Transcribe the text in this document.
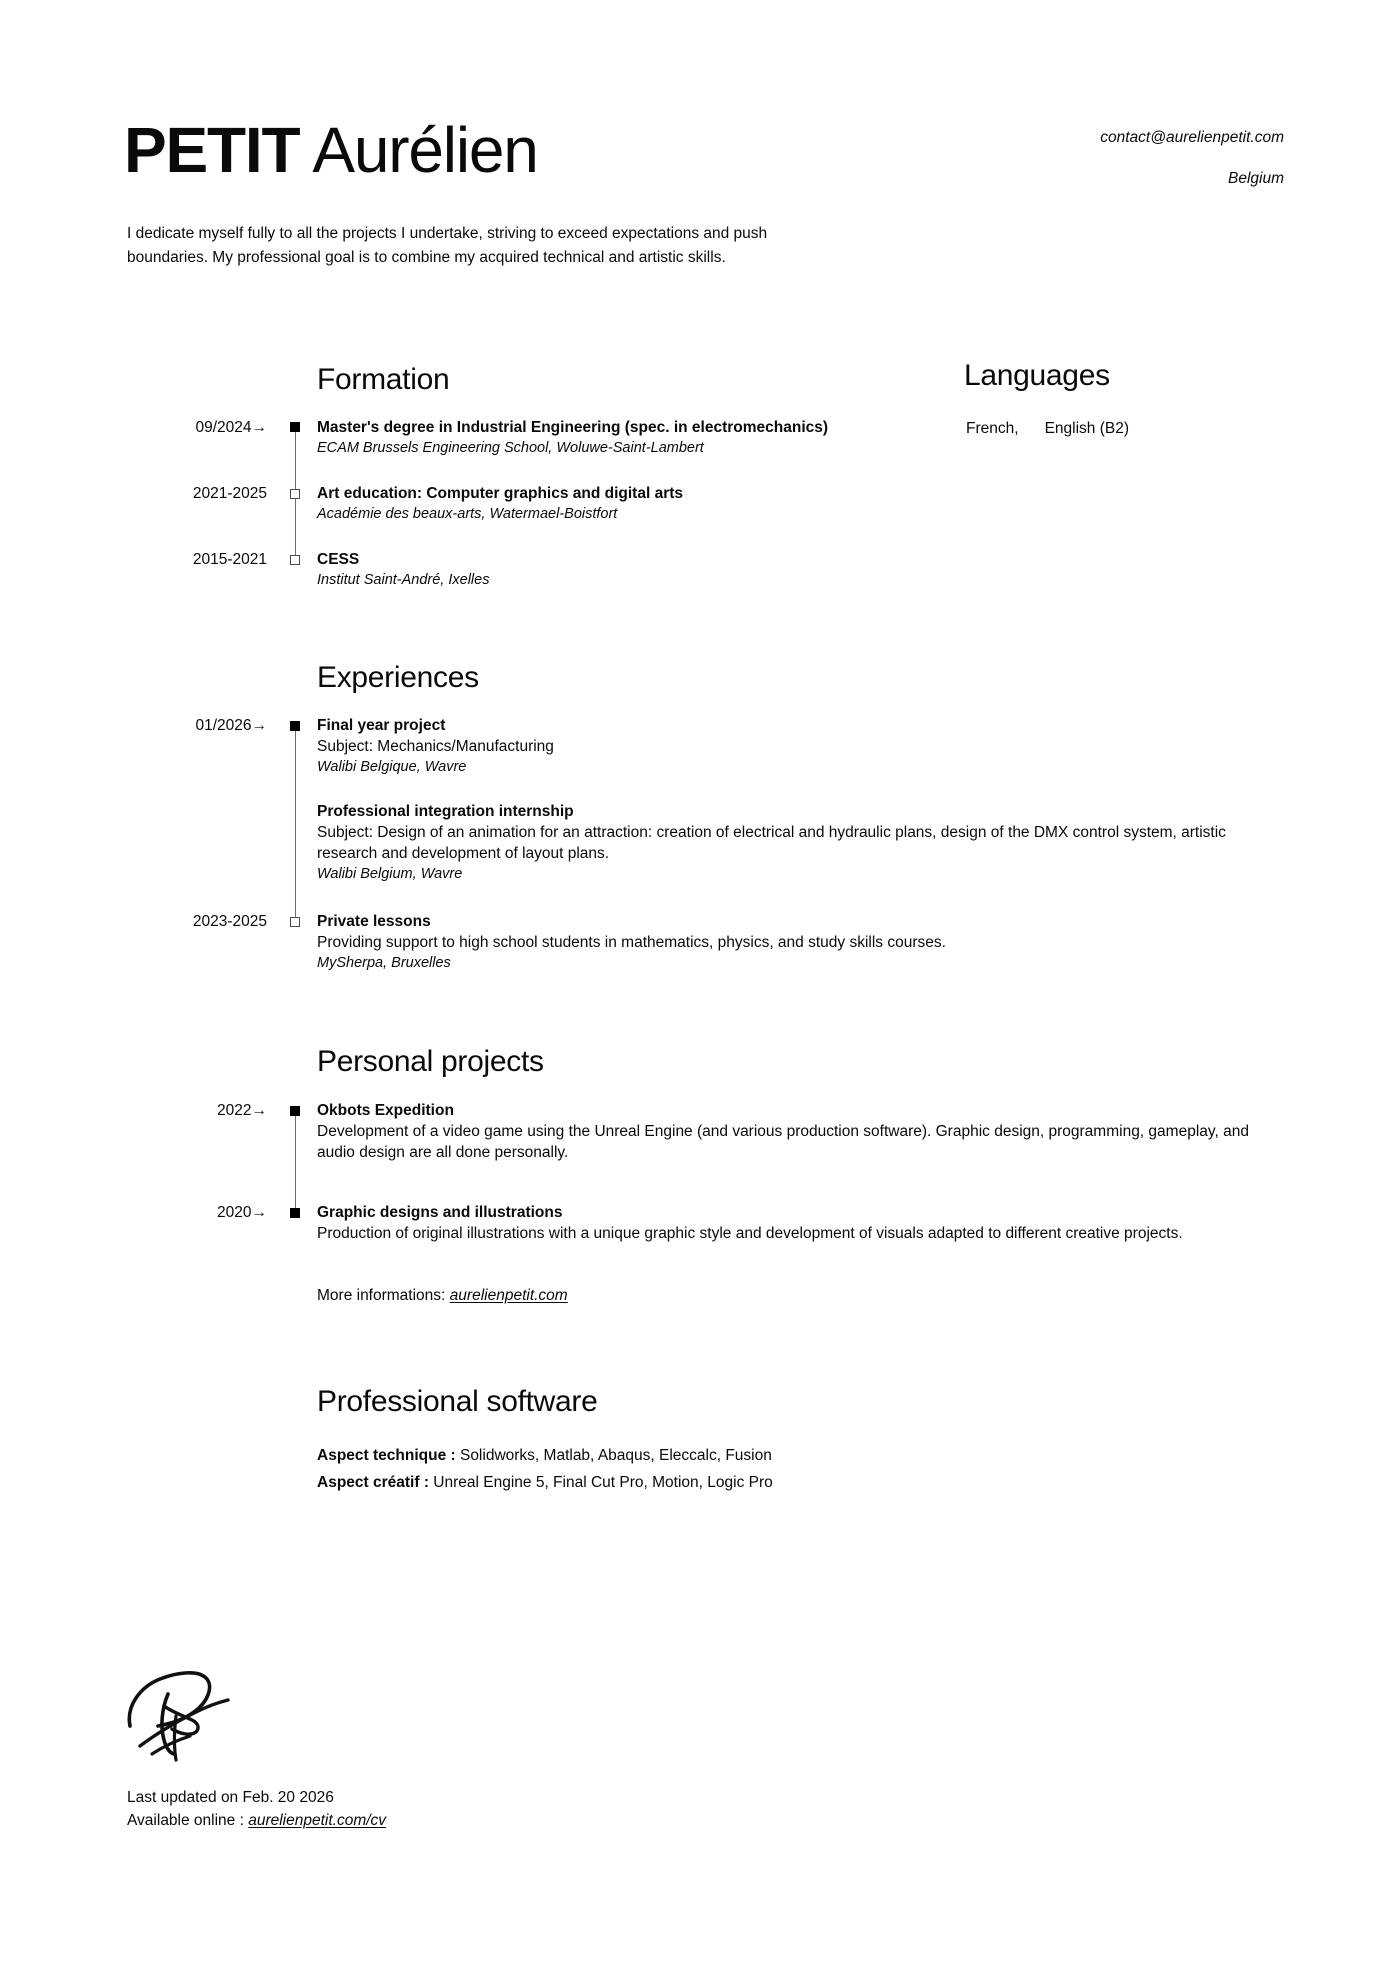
PETIT Aurélien	contact@aurelienpetit.com
Belgium
I dedicate myself fully to all the projects I undertake, striving to exceed expectations and push boundaries. My professional goal is to combine my acquired technical and artistic skills.
Formation
09/2024→	Master's degree in Industrial Engineering (spec. in electromechanics)
ECAM Brussels Engineering School, Woluwe-Saint-Lambert
2021-2025	Art education: Computer graphics and digital arts
Académie des beaux-arts, Watermael-Boistfort
2015-2021	CESS
Institut Saint-André, Ixelles
Languages
French, English (B2)
Experiences
01/2026→	Final year project
Subject: Mechanics/Manufacturing
Walibi Belgique, Wavre
Professional integration internship
Subject: Design of an animation for an attraction: creation of electrical and hydraulic plans, design of the DMX control system, artistic research and development of layout plans.
Walibi Belgium, Wavre
2023-2025	Private lessons
Providing support to high school students in mathematics, physics, and study skills courses.
MySherpa, Bruxelles
Personal projects
2022→	Okbots Expedition
Development of a video game using the Unreal Engine (and various production software). Graphic design, programming, gameplay, and audio design are all done personally.
2020→	Graphic designs and illustrations
Production of original illustrations with a unique graphic style and development of visuals adapted to different creative projects.
More informations: aurelienpetit.com
Professional software
Aspect technique : Solidworks, Matlab, Abaqus, Eleccalc, Fusion
Aspect créatif : Unreal Engine 5, Final Cut Pro, Motion, Logic Pro
Last updated on Feb. 20 2026
Available online : aurelienpetit.com/cv
